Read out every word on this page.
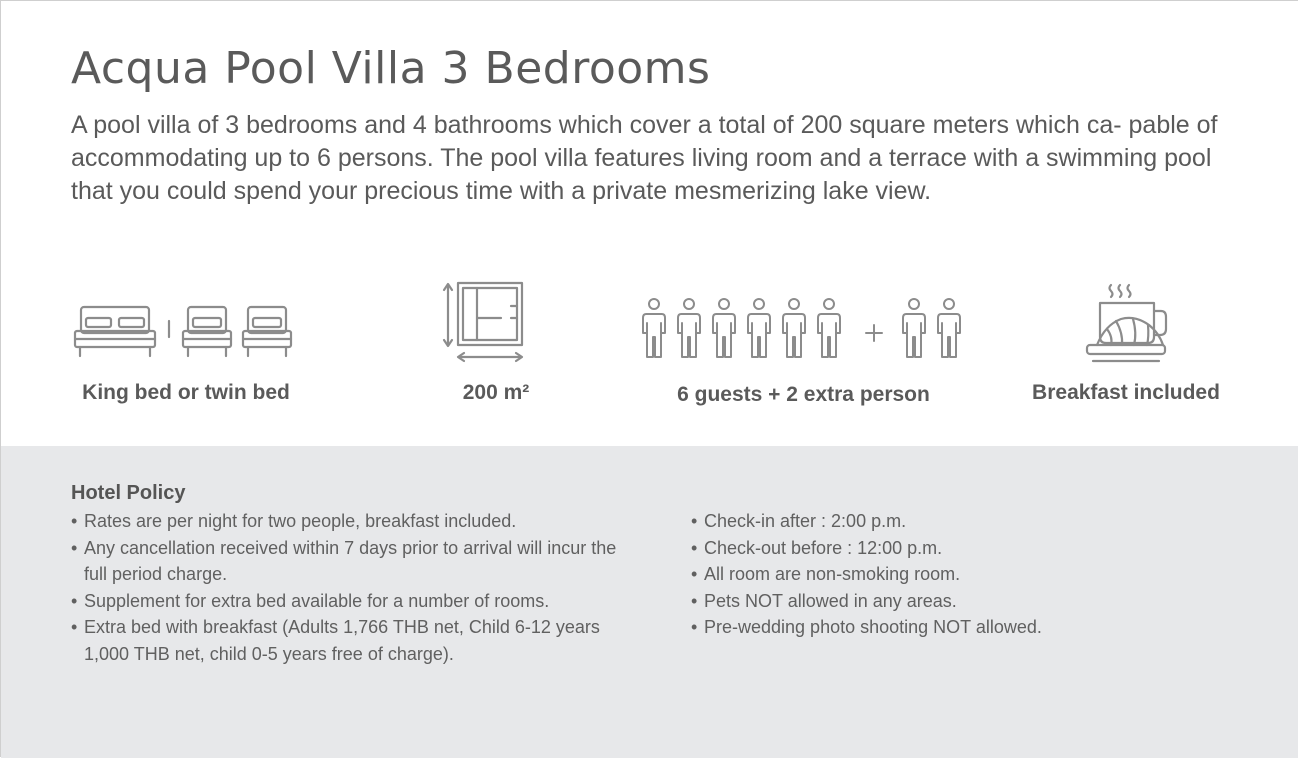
Acqua Pool Villa 3 Bedrooms

A pool villa of 3 bedrooms and 4 bathrooms which cover a total of 200 square meters which ca- pable of accommodating up to 6 persons. The pool villa features living room and a terrace with a swimming pool that you could spend your precious time with a private mesmerizing lake view.

King bed or twin bed	200 m²	6 guests + 2 extra person	Breakfast included
Hotel Policy
• Rates are per night for two people, breakfast included.
• Any cancellation received within 7 days prior to arrival will incur the full period charge.
• Supplement for extra bed available for a number of rooms.
• Extra bed with breakfast (Adults 1,766 THB net, Child 6-12 years 1,000 THB net, child 0-5 years free of charge).
• Check-in after : 2:00 p.m.
• Check-out before : 12:00 p.m.
• All room are non-smoking room.
• Pets NOT allowed in any areas.
• Pre-wedding photo shooting NOT allowed.
